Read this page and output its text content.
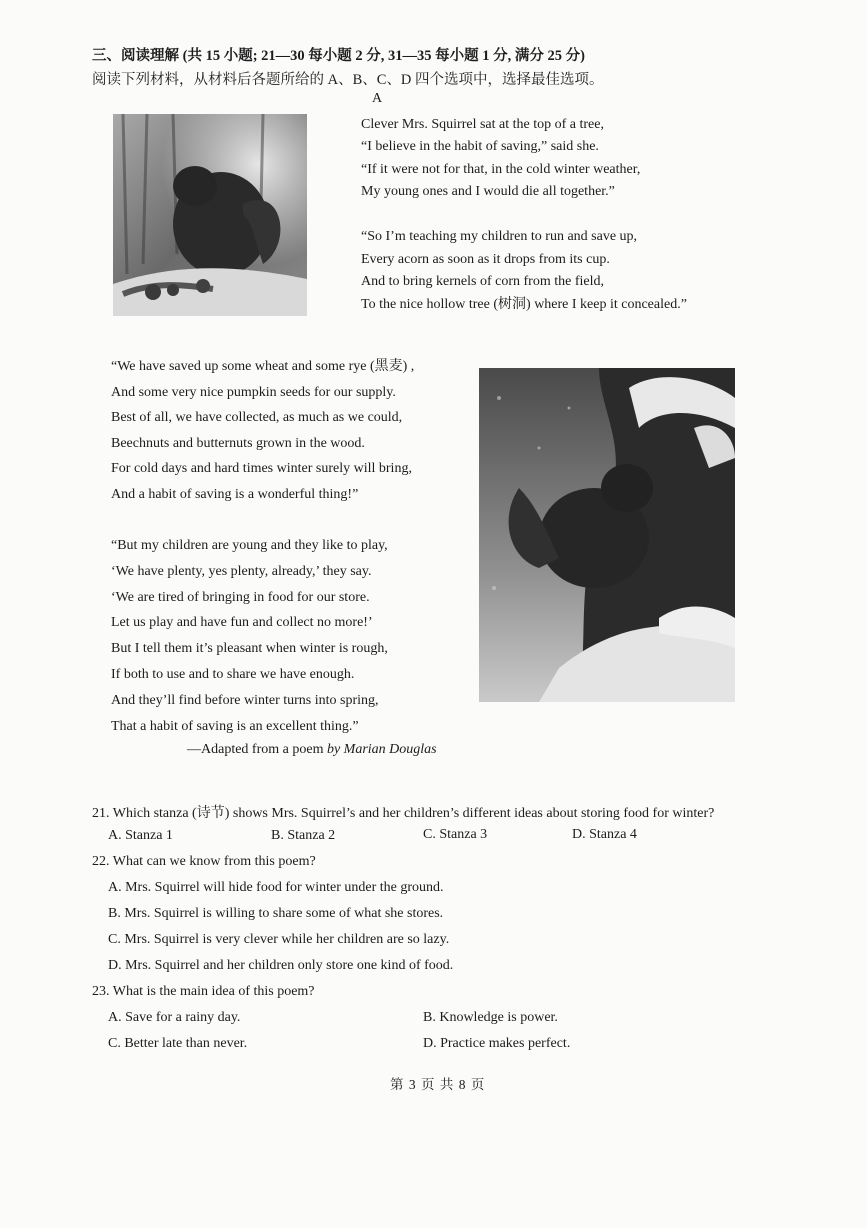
三、阅读理解 (共 15 小题; 21—30 每小题 2 分, 31—35 每小题 1 分, 满分 25 分)
阅读下列材料，从材料后各题所给的 A、B、C、D 四个选项中，选择最佳选项。
A
Clever Mrs. Squirrel sat at the top of a tree,
“I believe in the habit of saving,” said she.
“If it were not for that, in the cold winter weather,
My young ones and I would die all together.”
“So I’m teaching my children to run and save up,
Every acorn as soon as it drops from its cup.
And to bring kernels of corn from the field,
To the nice hollow tree (树洞) where I keep it concealed.”
“We have saved up some wheat and some rye (黑麦) ,
And some very nice pumpkin seeds for our supply.
Best of all, we have collected, as much as we could,
Beechnuts and butternuts grown in the wood.
For cold days and hard times winter surely will bring,
And a habit of saving is a wonderful thing!”
“But my children are young and they like to play,
‘We have plenty, yes plenty, already,’ they say.
‘We are tired of bringing in food for our store.
Let us play and have fun and collect no more!’
But I tell them it’s pleasant when winter is rough,
If both to use and to share we have enough.
And they’ll find before winter turns into spring,
That a habit of saving is an excellent thing.”
—Adapted from a poem by Marian Douglas
21. Which stanza (诗节) shows Mrs. Squirrel’s and her children’s different ideas about storing food for winter?
A. Stanza 1	B. Stanza 2	C. Stanza 3	D. Stanza 4
22. What can we know from this poem?
A. Mrs. Squirrel will hide food for winter under the ground.
B. Mrs. Squirrel is willing to share some of what she stores.
C. Mrs. Squirrel is very clever while her children are so lazy.
D. Mrs. Squirrel and her children only store one kind of food.
23. What is the main idea of this poem?
A. Save for a rainy day.	B. Knowledge is power.
C. Better late than never.	D. Practice makes perfect.
第 3 页 共 8 页
